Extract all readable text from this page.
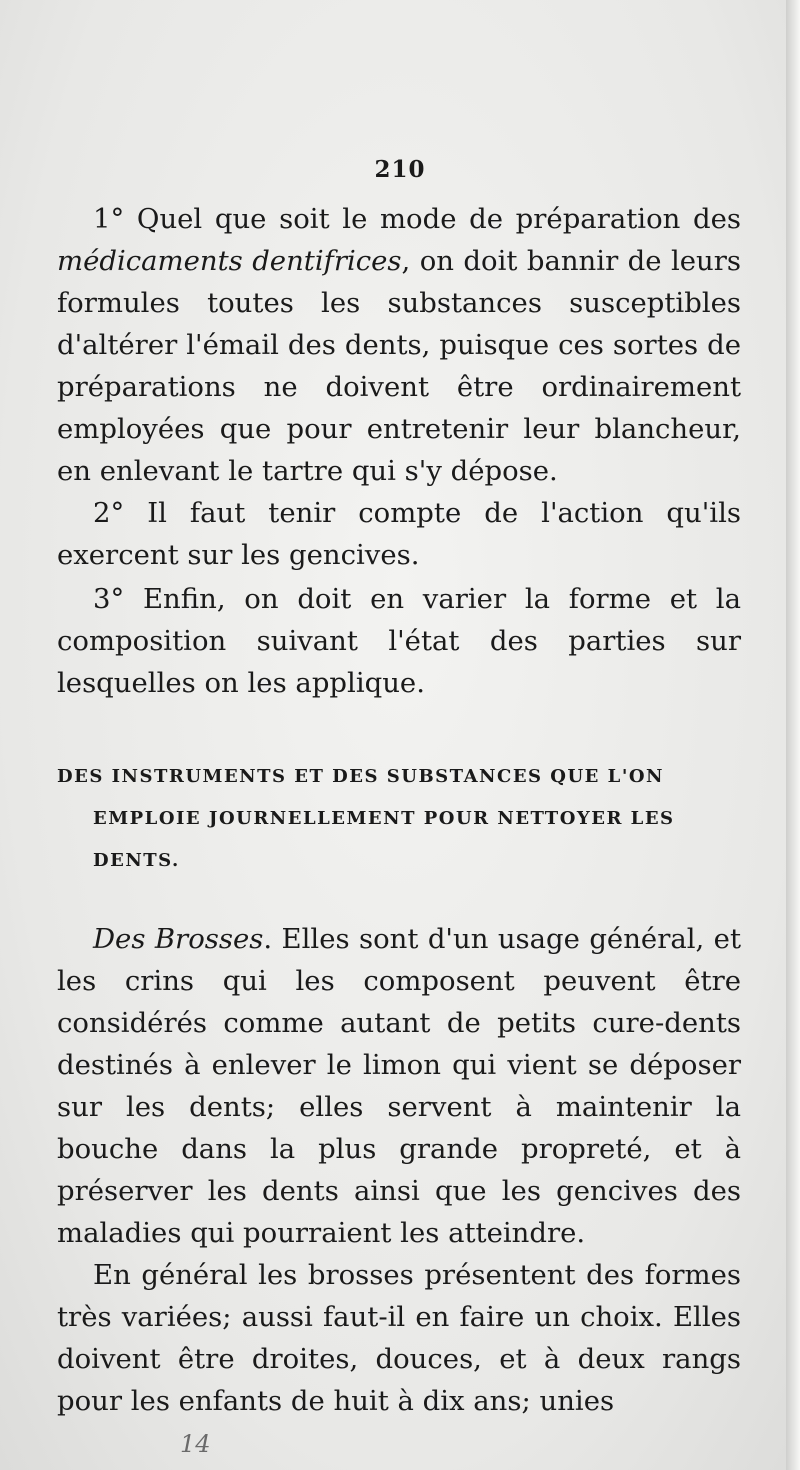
210

1° Quel que soit le mode de préparation des médicaments dentifrices, on doit bannir de leurs formules toutes les substances susceptibles d'altérer l'émail des dents, puisque ces sortes de préparations ne doivent être ordinairement employées que pour entretenir leur blancheur, en enlevant le tartre qui s'y dépose.

2° Il faut tenir compte de l'action qu'ils exercent sur les gencives.

3° Enfin, on doit en varier la forme et la composition suivant l'état des parties sur lesquelles on les applique.

DES INSTRUMENTS ET DES SUBSTANCES QUE L'ON
EMPLOIE JOURNELLEMENT POUR NETTOYER LES
DENTS.

Des Brosses. Elles sont d'un usage général, et les crins qui les composent peuvent être considérés comme autant de petits cure-dents destinés à enlever le limon qui vient se déposer sur les dents; elles servent à maintenir la bouche dans la plus grande propreté, et à préserver les dents ainsi que les gencives des maladies qui pourraient les atteindre.

En général les brosses présentent des formes très variées; aussi faut-il en faire un choix. Elles doivent être droites, douces, et à deux rangs pour les enfants de huit à dix ans; unies

14
